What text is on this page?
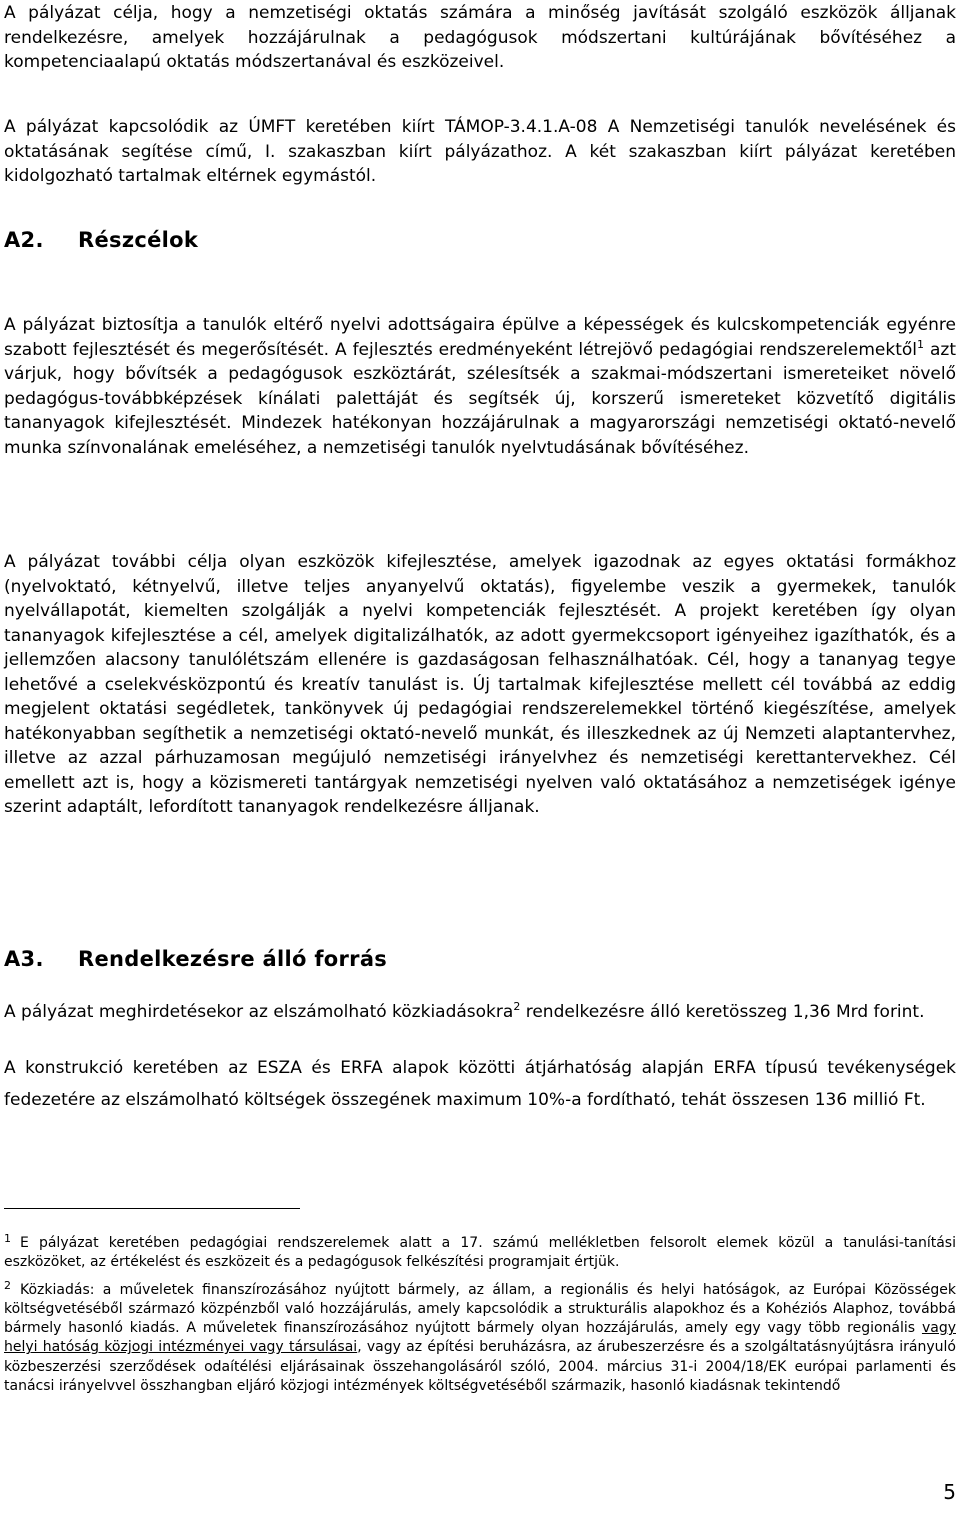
A pályázat célja, hogy a nemzetiségi oktatás számára a minőség javítását szolgáló eszközök álljanak rendelkezésre, amelyek hozzájárulnak a pedagógusok módszertani kultúrájának bővítéséhez a kompetenciaalapú oktatás módszertanával és eszközeivel.

A pályázat kapcsolódik az ÚMFT keretében kiírt TÁMOP-3.4.1.A-08 A Nemzetiségi tanulók nevelésének és oktatásának segítése című, I. szakaszban kiírt pályázathoz. A két szakaszban kiírt pályázat keretében kidolgozható tartalmak eltérnek egymástól.

A2. Részcélok

A pályázat biztosítja a tanulók eltérő nyelvi adottságaira épülve a képességek és kulcskompetenciák egyénre szabott fejlesztését és megerősítését. A fejlesztés eredményeként létrejövő pedagógiai rendszerelemektől$^1$ azt várjuk, hogy bővítsék a pedagógusok eszköztárát, szélesítsék a szakmai-módszertani ismereteiket növelő pedagógus-továbbképzések kínálati palettáját és segítsék új, korszerű ismereteket közvetítő digitális tananyagok kifejlesztését. Mindezek hatékonyan hozzájárulnak a magyarországi nemzetiségi oktató-nevelő munka színvonalának emeléséhez, a nemzetiségi tanulók nyelvtudásának bővítéséhez.

A pályázat további célja olyan eszközök kifejlesztése, amelyek igazodnak az egyes oktatási formákhoz (nyelvoktató, kétnyelvű, illetve teljes anyanyelvű oktatás), figyelembe veszik a gyermekek, tanulók nyelvállapotát, kiemelten szolgálják a nyelvi kompetenciák fejlesztését. A projekt keretében így olyan tananyagok kifejlesztése a cél, amelyek digitalizálhatók, az adott gyermekcsoport igényeihez igazíthatók, és a jellemzően alacsony tanulólétszám ellenére is gazdaságosan felhasználhatóak. Cél, hogy a tananyag tegye lehetővé a cselekvésközpontú és kreatív tanulást is. Új tartalmak kifejlesztése mellett cél továbbá az eddig megjelent oktatási segédletek, tankönyvek új pedagógiai rendszerelemekkel történő kiegészítése, amelyek hatékonyabban segíthetik a nemzetiségi oktató-nevelő munkát, és illeszkednek az új Nemzeti alaptantervhez, illetve az azzal párhuzamosan megújuló nemzetiségi irányelvhez és nemzetiségi kerettantervekhez. Cél emellett azt is, hogy a közismereti tantárgyak nemzetiségi nyelven való oktatásához a nemzetiségek igénye szerint adaptált, lefordított tananyagok rendelkezésre álljanak.

A3. Rendelkezésre álló forrás

A pályázat meghirdetésekor az elszámolható közkiadásokra$^2$ rendelkezésre álló keretösszeg 1,36 Mrd forint.

A konstrukció keretében az ESZA és ERFA alapok közötti átjárhatóság alapján ERFA típusú tevékenységek fedezetére az elszámolható költségek összegének maximum 10%-a fordítható, tehát összesen 136 millió Ft.

$^1$ E pályázat keretében pedagógiai rendszerelemek alatt a 17. számú mellékletben felsorolt elemek közül a tanulási-tanítási eszközöket, az értékelést és eszközeit és a pedagógusok felkészítési programjait értjük.

$^2$ Közkiadás: a műveletek finanszírozásához nyújtott bármely, az állam, a regionális és helyi hatóságok, az Európai Közösségek költségvetéséből származó közpénzből való hozzájárulás, amely kapcsolódik a strukturális alapokhoz és a Kohéziós Alaphoz, továbbá bármely hasonló kiadás. A műveletek finanszírozásához nyújtott bármely olyan hozzájárulás, amely egy vagy több regionális vagy helyi hatóság közjogi intézményei vagy társulásai, vagy az építési beruházásra, az árubeszerzésre és a szolgáltatásnyújtásra irányuló közbeszerzési szerződések odaítélési eljárásainak összehangolásáról szóló, 2004. március 31-i 2004/18/EK európai parlamenti és tanácsi irányelvvel összhangban eljáró közjogi intézmények költségvetéséből származik, hasonló kiadásnak tekintendő

5
